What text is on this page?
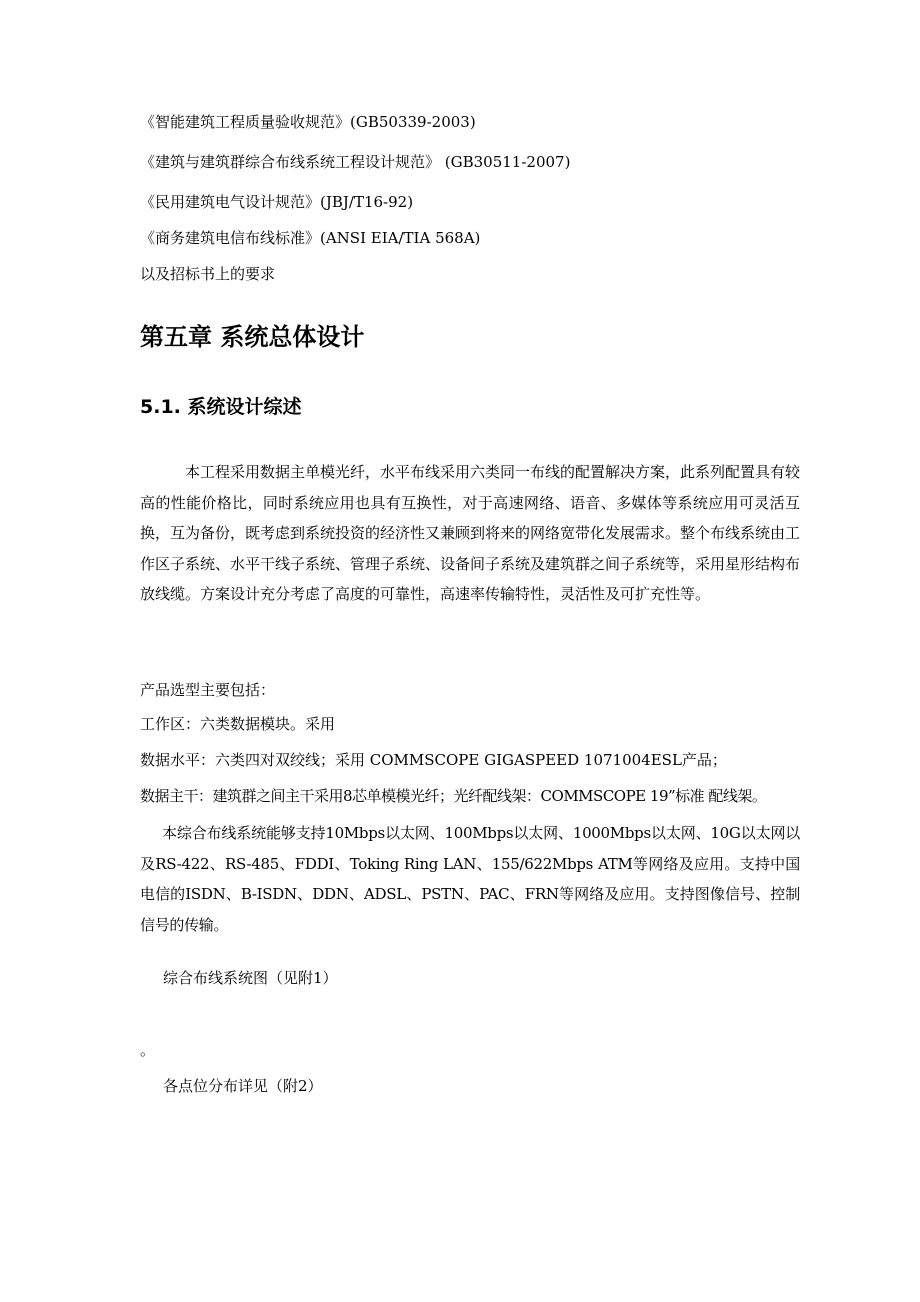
《智能建筑工程质量验收规范》(GB50339-2003)
《建筑与建筑群综合布线系统工程设计规范》 (GB30511-2007)
《民用建筑电气设计规范》(JBJ/T16-92)
《商务建筑电信布线标准》(ANSI EIA/TIA 568A)
以及招标书上的要求
第五章 系统总体设计
5.1. 系统设计综述
本工程采用数据主单模光纤，水平布线采用六类同一布线的配置解决方案，此系列配置具有较高的性能价格比，同时系统应用也具有互换性，对于高速网络、语音、多媒体等系统应用可灵活互换，互为备份，既考虑到系统投资的经济性又兼顾到将来的网络宽带化发展需求。整个布线系统由工作区子系统、水平干线子系统、管理子系统、设备间子系统及建筑群之间子系统等，采用星形结构布放线缆。方案设计充分考虑了高度的可靠性，高速率传输特性，灵活性及可扩充性等。
产品选型主要包括：
工作区：六类数据模块。采用
数据水平：六类四对双绞线；采用 COMMSCOPE GIGASPEED 1071004ESL产品；
数据主干：建筑群之间主干采用8芯单模模光纤；光纤配线架：COMMSCOPE 19”标准 配线架。
本综合布线系统能够支持10Mbps以太网、100Mbps以太网、1000Mbps以太网、10G以太网以及RS-422、RS-485、FDDI、Toking Ring LAN、155/622Mbps ATM等网络及应用。支持中国电信的ISDN、B-ISDN、DDN、ADSL、PSTN、PAC、FRN等网络及应用。支持图像信号、控制信号的传输。
综合布线系统图（见附1）
。
各点位分布详见（附2）
